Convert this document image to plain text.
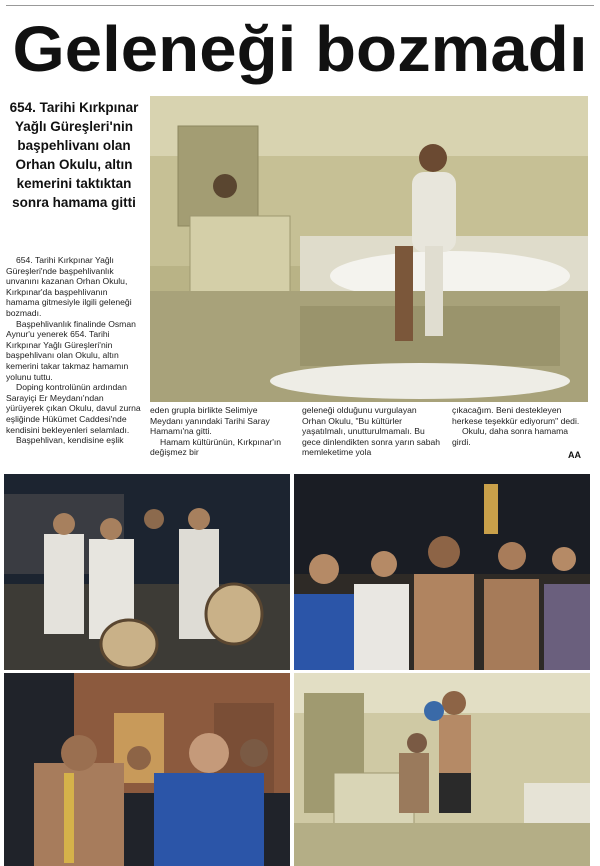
Geleneği bozmadı
654. Tarihi Kırkpınar Yağlı Güreşleri'nin başpehlivanı olan Orhan Okulu, altın kemerini taktıktan sonra hamama gitti

654. Tarihi Kırkpınar Yağlı Güreşleri'nde başpehlivanlık unvanını kazanan Orhan Okulu, Kırkpınar'da başpehlivanın hamama gitmesiyle ilgili geleneği bozmadı.

Başpehlivanlık finalinde Osman Aynur'u yenerek 654. Tarihi Kırkpınar Yağlı Güreşleri'nin başpehlivanı olan Okulu, altın kemerini takar takmaz hamamın yolunu tuttu.

Doping kontrolünün ardından Sarayiçi Er Meydanı'ndan yürüyerek çıkan Okulu, davul zurna eşliğinde Hükümet Caddesi'nde kendisini bekleyenleri selamladı.

Başpehlivan, kendisine eşlik

eden grupla birlikte Selimiye Meydanı yanındaki Tarihi Saray Hamamı'na gitti.

Hamam kültürünün, Kırkpınar'ın değişmez bir

geleneği olduğunu vurgulayan Orhan Okulu, "Bu kültürler yaşatılmalı, unutturulmamalı. Bu gece dinlendikten sonra yarın sabah memleketime yola

çıkacağım. Beni destekleyen herkese teşekkür ediyorum" dedi.

Okulu, daha sonra hamama girdi.

AA
